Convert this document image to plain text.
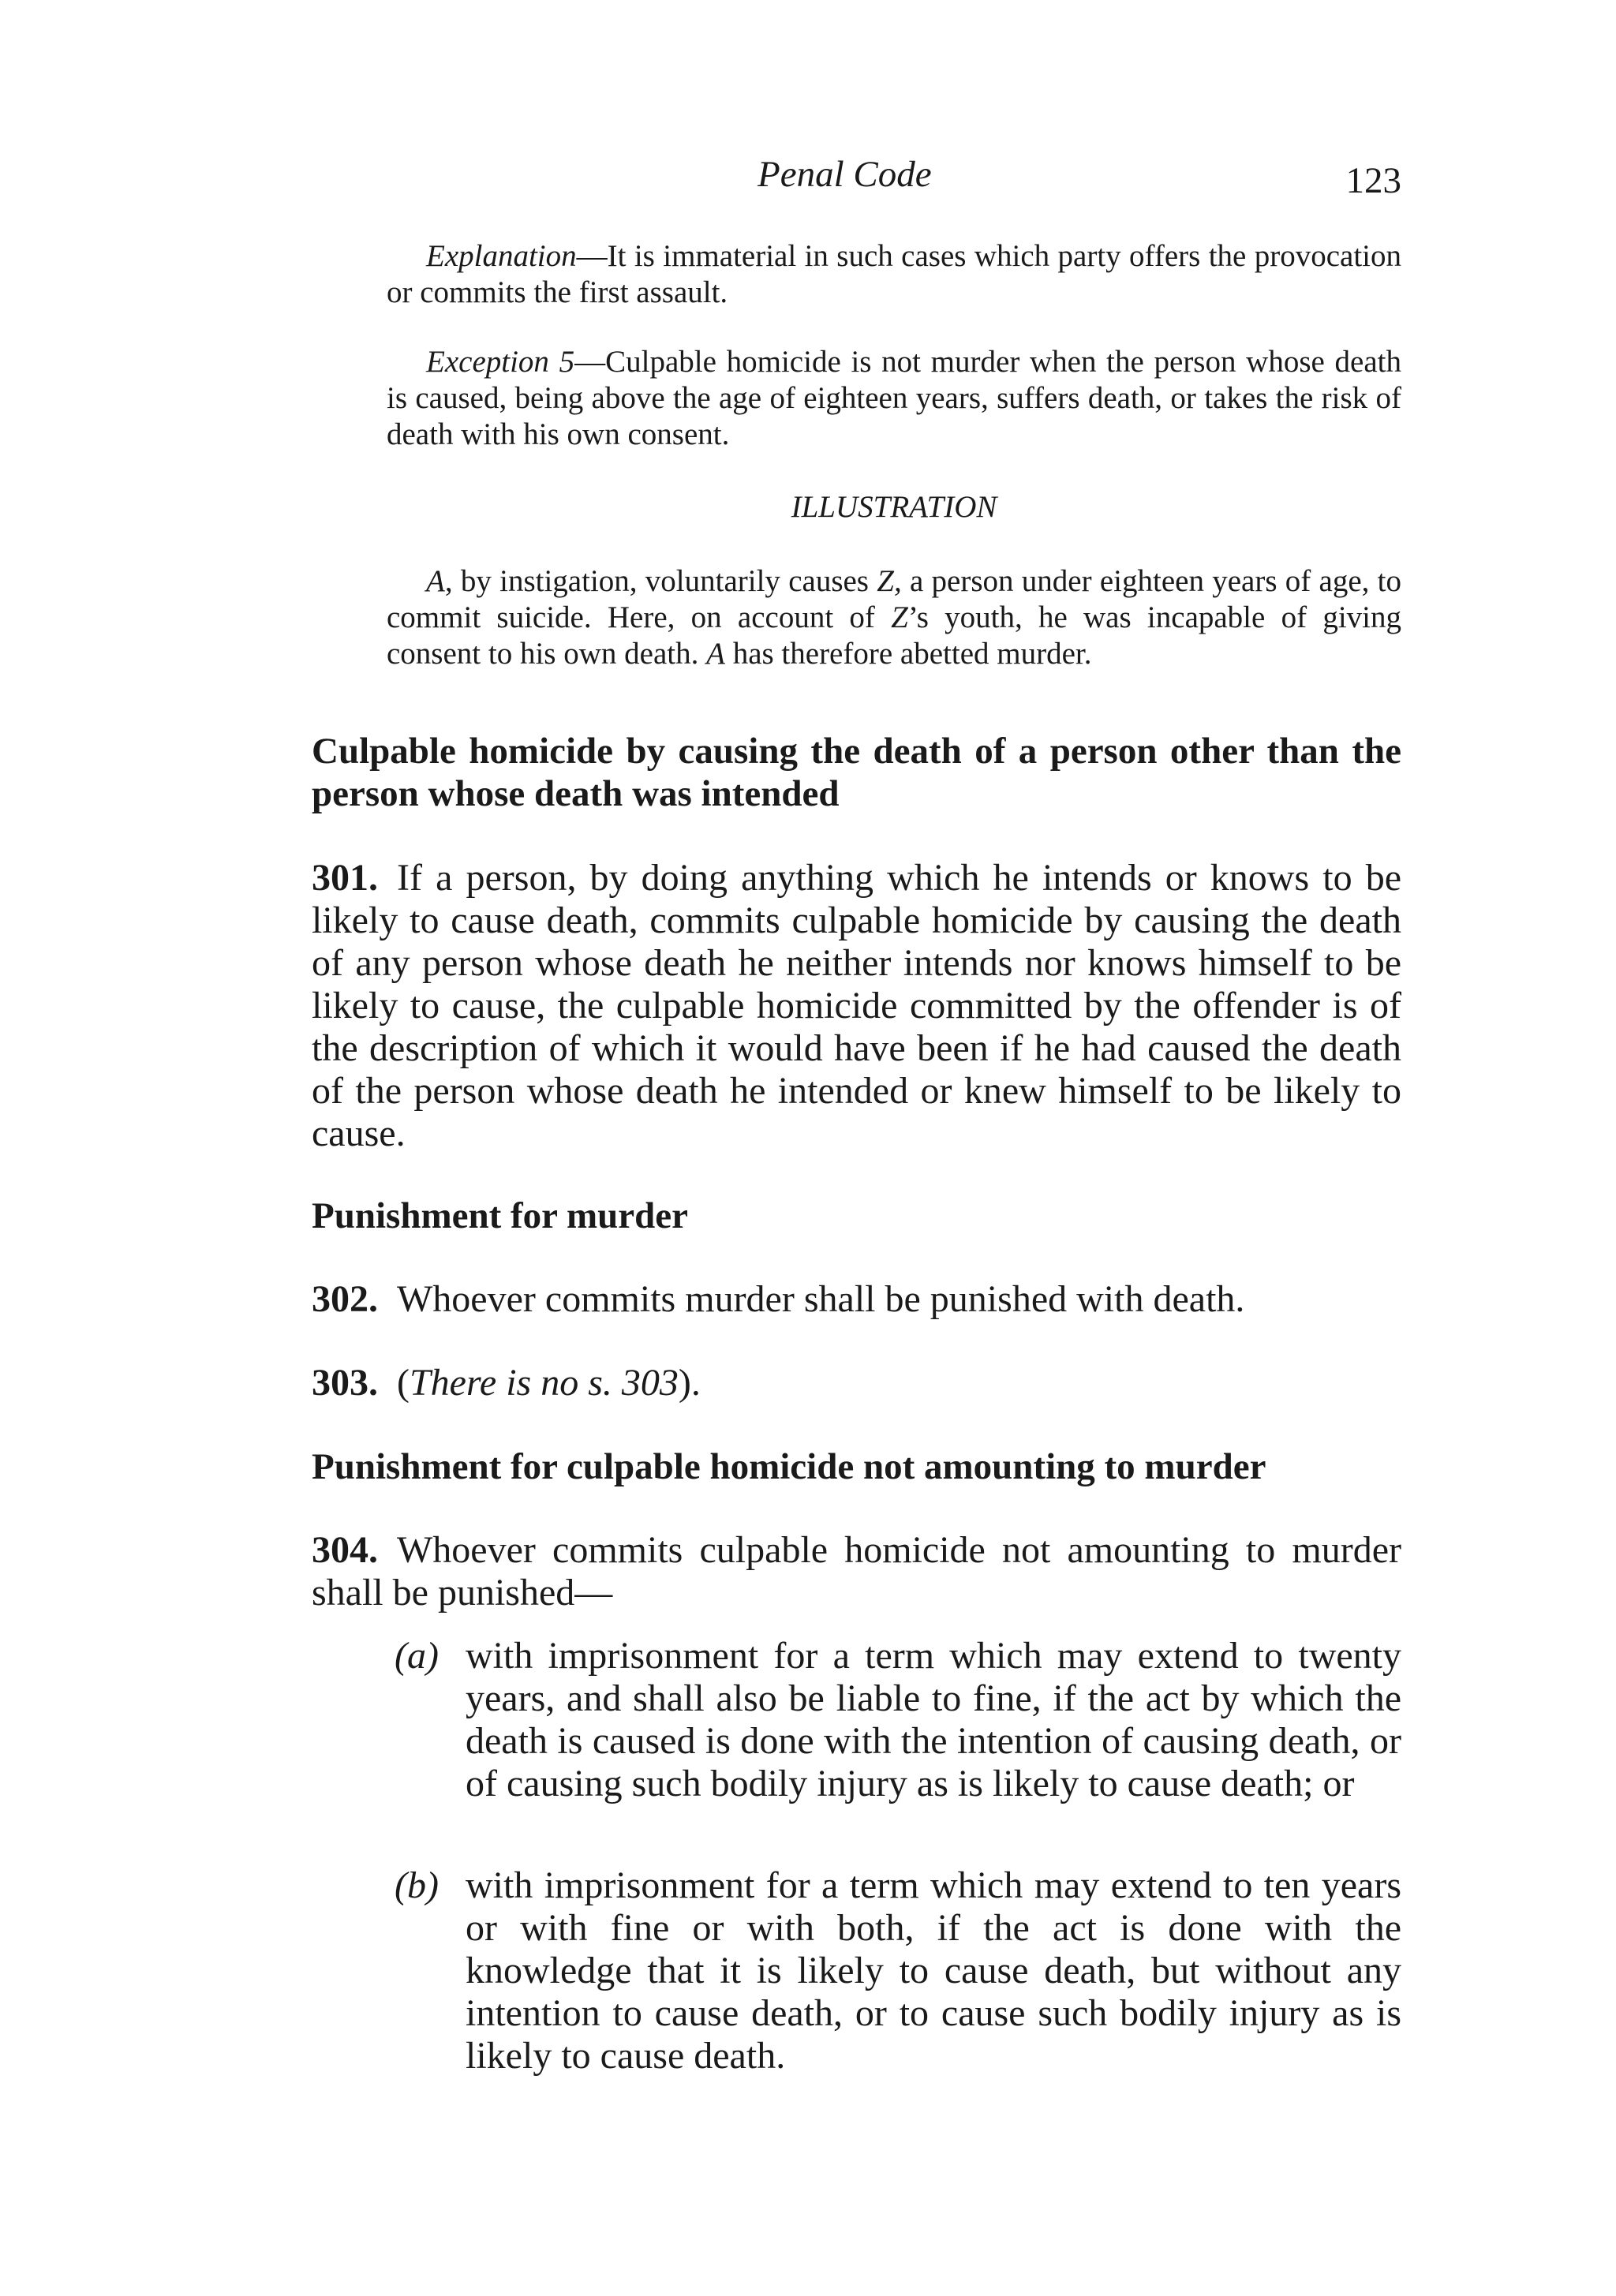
Penal Code	123

Explanation—It is immaterial in such cases which party offers the provocation or commits the first assault.

Exception 5—Culpable homicide is not murder when the person whose death is caused, being above the age of eighteen years, suffers death, or takes the risk of death with his own consent.

ILLUSTRATION

A, by instigation, voluntarily causes Z, a person under eighteen years of age, to commit suicide. Here, on account of Z’s youth, he was incapable of giving consent to his own death. A has therefore abetted murder.

Culpable homicide by causing the death of a person other than the person whose death was intended

301. If a person, by doing anything which he intends or knows to be likely to cause death, commits culpable homicide by causing the death of any person whose death he neither intends nor knows himself to be likely to cause, the culpable homicide committed by the offender is of the description of which it would have been if he had caused the death of the person whose death he intended or knew himself to be likely to cause.

Punishment for murder

302. Whoever commits murder shall be punished with death.

303. (There is no s. 303).

Punishment for culpable homicide not amounting to murder

304. Whoever commits culpable homicide not amounting to murder shall be punished—

(a) with imprisonment for a term which may extend to twenty years, and shall also be liable to fine, if the act by which the death is caused is done with the intention of causing death, or of causing such bodily injury as is likely to cause death; or
(b) with imprisonment for a term which may extend to ten years or with fine or with both, if the act is done with the knowledge that it is likely to cause death, but without any intention to cause death, or to cause such bodily injury as is likely to cause death.
